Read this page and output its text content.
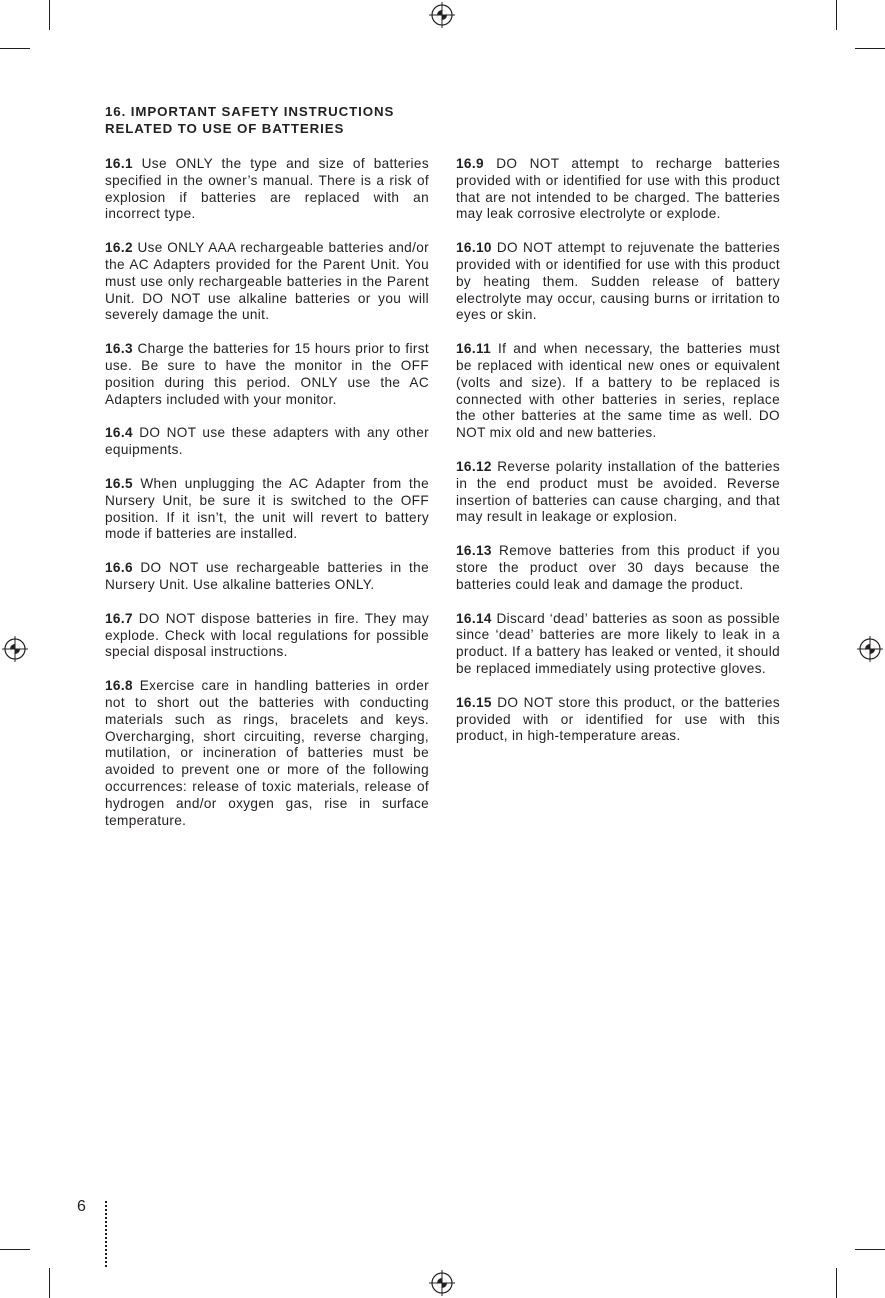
16. IMPORTANT SAFETY INSTRUCTIONS
RELATED TO USE OF BATTERIES

16.1 Use ONLY the type and size of batteries specified in the owner’s manual. There is a risk of explosion if batteries are replaced with an incorrect type.

16.2 Use ONLY AAA rechargeable batteries and/or the AC Adapters provided for the Parent Unit. You must use only rechargeable batteries in the Parent Unit. DO NOT use alkaline batteries or you will severely damage the unit.

16.3 Charge the batteries for 15 hours prior to first use. Be sure to have the monitor in the OFF position during this period. ONLY use the AC Adapters included with your monitor.

16.4 DO NOT use these adapters with any other equipments.

16.5 When unplugging the AC Adapter from the Nursery Unit, be sure it is switched to the OFF position. If it isn’t, the unit will revert to battery mode if batteries are installed.

16.6 DO NOT use rechargeable batteries in the Nursery Unit. Use alkaline batteries ONLY.

16.7 DO NOT dispose batteries in fire. They may explode. Check with local regulations for possible special disposal instructions.

16.8 Exercise care in handling batteries in order not to short out the batteries with conducting materials such as rings, bracelets and keys. Overcharging, short circuiting, reverse charging, mutilation, or incineration of batteries must be avoided to prevent one or more of the following occurrences: release of toxic materials, release of hydrogen and/or oxygen gas, rise in surface temperature.

16.9 DO NOT attempt to recharge batteries provided with or identified for use with this product that are not intended to be charged. The batteries may leak corrosive electrolyte or explode.

16.10 DO NOT attempt to rejuvenate the batteries provided with or identified for use with this product by heating them. Sudden release of battery electrolyte may occur, causing burns or irritation to eyes or skin.

16.11 If and when necessary, the batteries must be replaced with identical new ones or equivalent (volts and size). If a battery to be replaced is connected with other batteries in series, replace the other batteries at the same time as well. DO NOT mix old and new batteries.

16.12 Reverse polarity installation of the batteries in the end product must be avoided. Reverse insertion of batteries can cause charging, and that may result in leakage or explosion.

16.13 Remove batteries from this product if you store the product over 30 days because the batteries could leak and damage the product.

16.14 Discard ‘dead’ batteries as soon as possible since ‘dead’ batteries are more likely to leak in a product. If a battery has leaked or vented, it should be replaced immediately using protective gloves.

16.15 DO NOT store this product, or the batteries provided with or identified for use with this product, in high-temperature areas.

6
